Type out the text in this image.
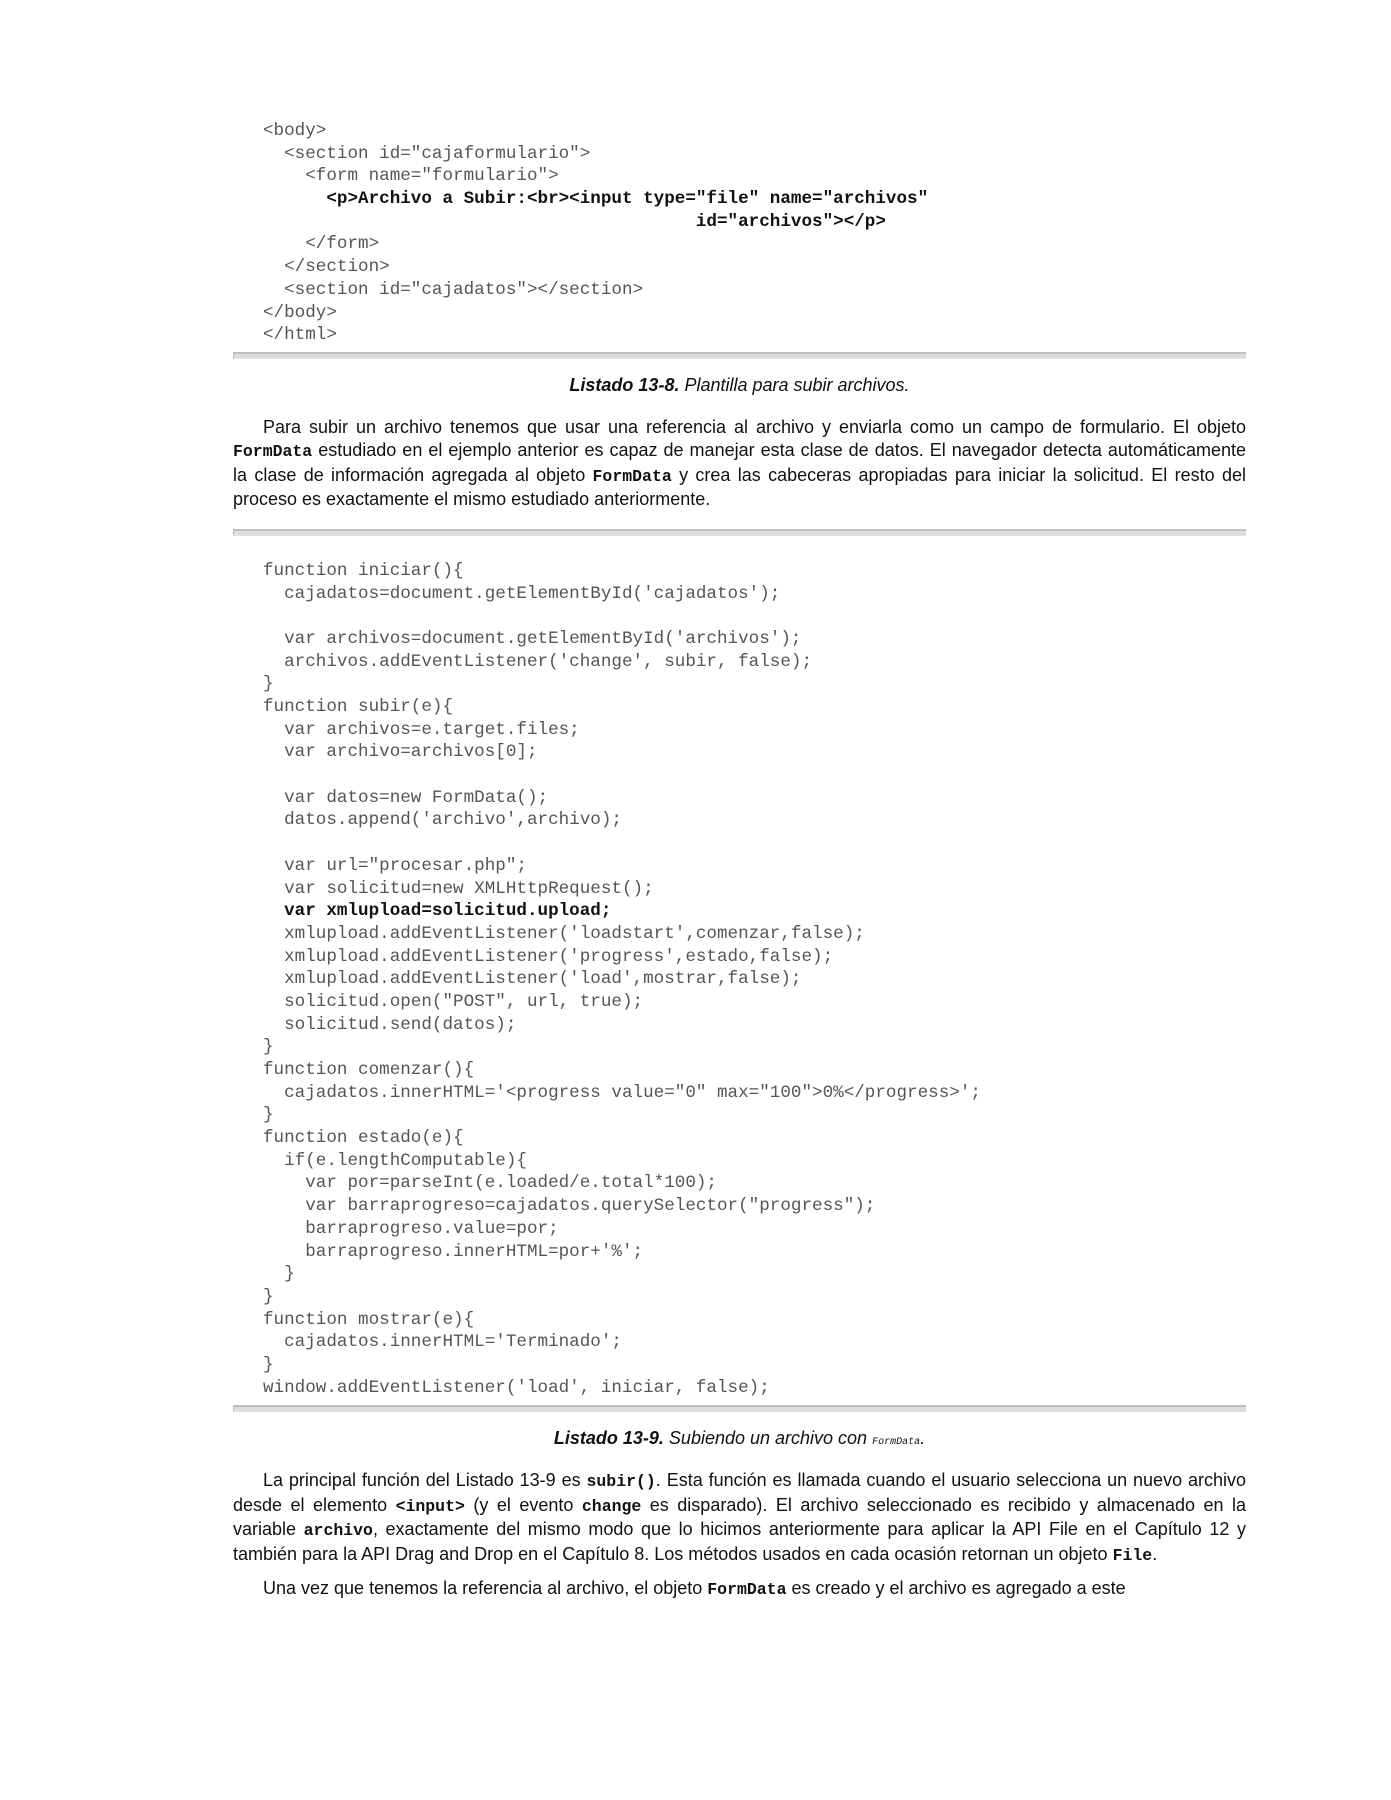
<body>
<section id="cajaformulario">
<form name="formulario">
<p>Archivo a Subir:<br><input type="file" name="archivos"
id="archivos"></p>
</form>
</section>
<section id="cajadatos"></section>
</body>
</html>
Listado 13-8. Plantilla para subir archivos.

Para subir un archivo tenemos que usar una referencia al archivo y enviarla como un campo de formulario. El objeto FormData estudiado en el ejemplo anterior es capaz de manejar esta clase de datos. El navegador detecta automáticamente la clase de información agregada al objeto FormData y crea las cabeceras apropiadas para iniciar la solicitud. El resto del proceso es exactamente el mismo estudiado anteriormente.

function iniciar(){
cajadatos=document.getElementById('cajadatos');
var archivos=document.getElementById('archivos');
archivos.addEventListener('change', subir, false);
}
function subir(e){
var archivos=e.target.files;
var archivo=archivos[0];
var datos=new FormData();
datos.append('archivo',archivo);
var url="procesar.php";
var solicitud=new XMLHttpRequest();
var xmlupload=solicitud.upload;
xmlupload.addEventListener('loadstart',comenzar,false);
xmlupload.addEventListener('progress',estado,false);
xmlupload.addEventListener('load',mostrar,false);
solicitud.open("POST", url, true);
solicitud.send(datos);
}
function comenzar(){
cajadatos.innerHTML='<progress value="0" max="100">0%</progress>';
}
function estado(e){
if(e.lengthComputable){
var por=parseInt(e.loaded/e.total*100);
var barraprogreso=cajadatos.querySelector("progress");
barraprogreso.value=por;
barraprogreso.innerHTML=por+'%';
}
}
function mostrar(e){
cajadatos.innerHTML='Terminado';
}
window.addEventListener('load', iniciar, false);
Listado 13-9. Subiendo un archivo con FormData.

La principal función del Listado 13-9 es subir(). Esta función es llamada cuando el usuario selecciona un nuevo archivo desde el elemento <input> (y el evento change es disparado). El archivo seleccionado es recibido y almacenado en la variable archivo, exactamente del mismo modo que lo hicimos anteriormente para aplicar la API File en el Capítulo 12 y también para la API Drag and Drop en el Capítulo 8. Los métodos usados en cada ocasión retornan un objeto File.

Una vez que tenemos la referencia al archivo, el objeto FormData es creado y el archivo es agregado a este
